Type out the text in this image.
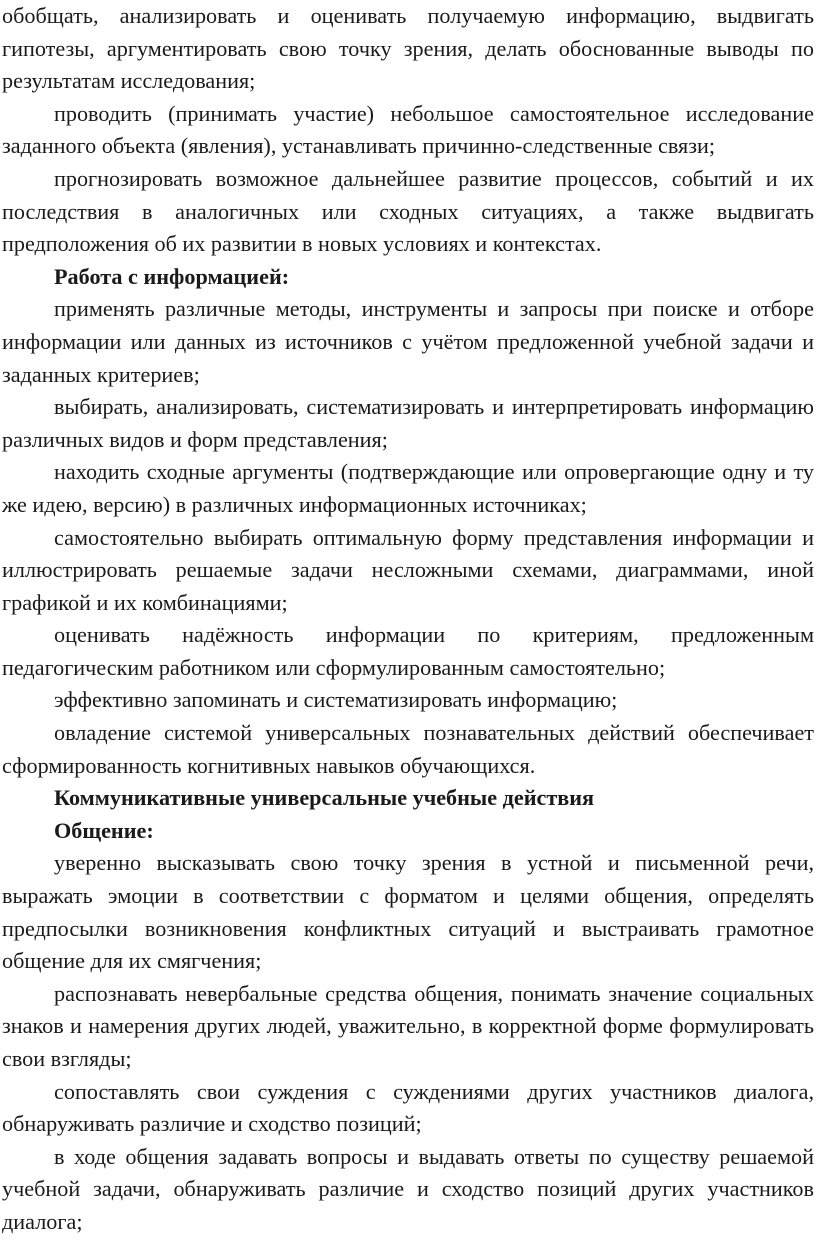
обобщать, анализировать и оценивать получаемую информацию, выдвигать гипотезы, аргументировать свою точку зрения, делать обоснованные выводы по результатам исследования;

проводить (принимать участие) небольшое самостоятельное исследование заданного объекта (явления), устанавливать причинно-следственные связи;

прогнозировать возможное дальнейшее развитие процессов, событий и их последствия в аналогичных или сходных ситуациях, а также выдвигать предположения об их развитии в новых условиях и контекстах.

Работа с информацией:

применять различные методы, инструменты и запросы при поиске и отборе информации или данных из источников с учётом предложенной учебной задачи и заданных критериев;

выбирать, анализировать, систематизировать и интерпретировать информацию различных видов и форм представления;

находить сходные аргументы (подтверждающие или опровергающие одну и ту же идею, версию) в различных информационных источниках;

самостоятельно выбирать оптимальную форму представления информации и иллюстрировать решаемые задачи несложными схемами, диаграммами, иной графикой и их комбинациями;

оценивать надёжность информации по критериям, предложенным педагогическим работником или сформулированным самостоятельно;

эффективно запоминать и систематизировать информацию;

овладение системой универсальных познавательных действий обеспечивает сформированность когнитивных навыков обучающихся.

Коммуникативные универсальные учебные действия

Общение:

уверенно высказывать свою точку зрения в устной и письменной речи, выражать эмоции в соответствии с форматом и целями общения, определять предпосылки возникновения конфликтных ситуаций и выстраивать грамотное общение для их смягчения;

распознавать невербальные средства общения, понимать значение социальных знаков и намерения других людей, уважительно, в корректной форме формулировать свои взгляды;

сопоставлять свои суждения с суждениями других участников диалога, обнаруживать различие и сходство позиций;

в ходе общения задавать вопросы и выдавать ответы по существу решаемой учебной задачи, обнаруживать различие и сходство позиций других участников диалога;
